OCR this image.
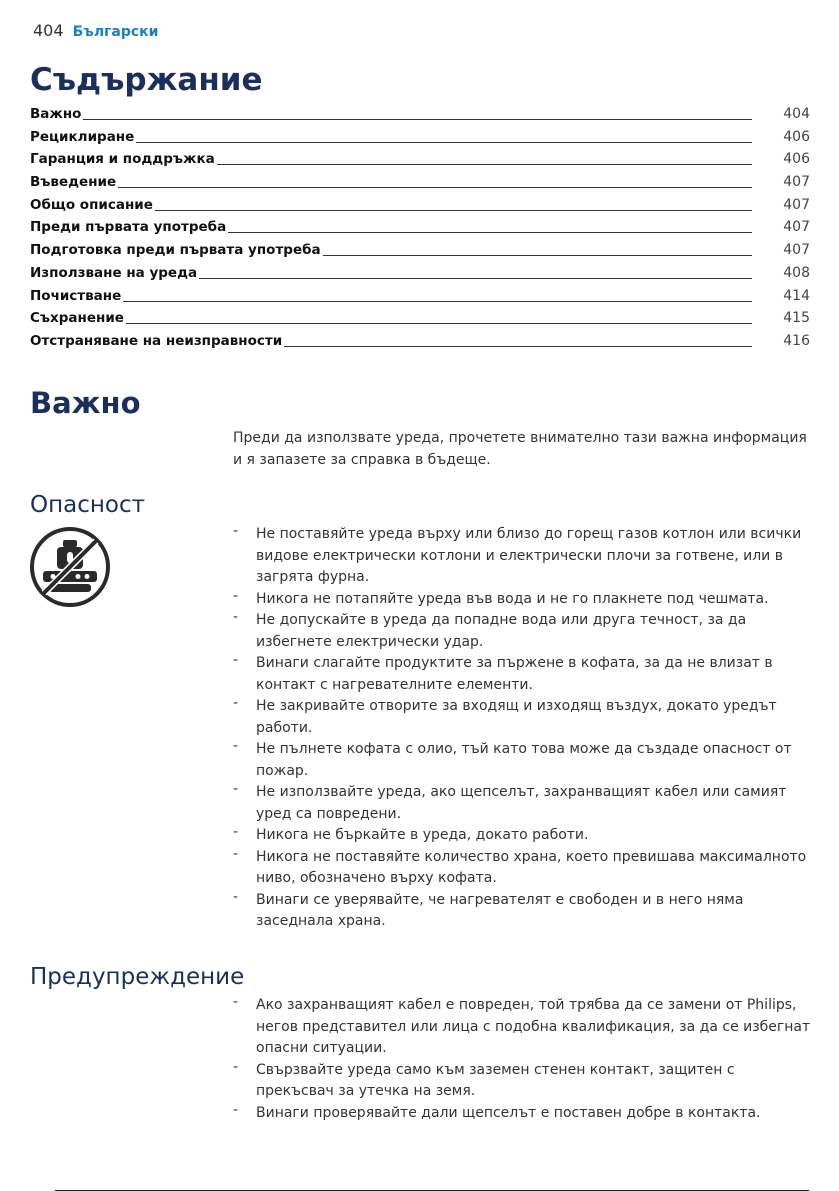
404 Български
Съдържание
Важно	404
Рециклиране	406
Гаранция и поддръжка	406
Въведение	407
Общо описание	407
Преди първата употреба	407
Подготовка преди първата употреба	407
Използване на уреда	408
Почистване	414
Съхранение	415
Отстраняване на неизправности	416
Важно

Преди да използвате уреда, прочетете внимателно тази важна информация и я запазете за справка в бъдеще.

Опасност
- Не поставяйте уреда върху или близо до горещ газов котлон или всички видове електрически котлони и електрически плочи за готвене, или в загрята фурна.
- Никога не потапяйте уреда във вода и не го плакнете под чешмата.
- Не допускайте в уреда да попадне вода или друга течност, за да избегнете електрически удар.
- Винаги слагайте продуктите за пържене в кофата, за да не влизат в контакт с нагревателните елементи.
- Не закривайте отворите за входящ и изходящ въздух, докато уредът работи.
- Не пълнете кофата с олио, тъй като това може да създаде опасност от пожар.
- Не използвайте уреда, ако щепселът, захранващият кабел или самият уред са повредени.
- Никога не бъркайте в уреда, докато работи.
- Никога не поставяйте количество храна, което превишава максималното ниво, обозначено върху кофата.
- Винаги се уверявайте, че нагревателят е свободен и в него няма заседнала храна.
Предупреждение
- Ако захранващият кабел е повреден, той трябва да се замени от Philips, негов представител или лица с подобна квалификация, за да се избегнат опасни ситуации.
- Свързвайте уреда само към заземен стенен контакт, защитен с прекъсвач за утечка на земя.
- Винаги проверявайте дали щепселът е поставен добре в контакта.
